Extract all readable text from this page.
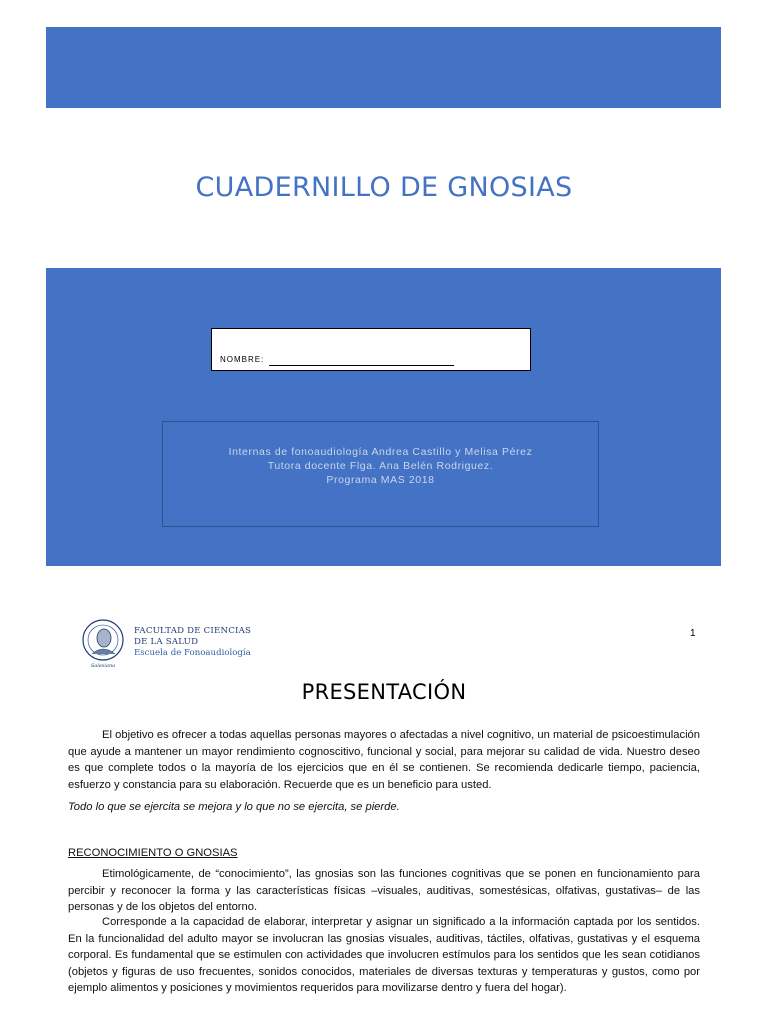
CUADERNILLO DE GNOSIAS
NOMBRE:
Internas de fonoaudiología Andrea Castillo y Melisa Pérez
Tutora docente Flga. Ana Belén Rodriguez.
Programa MAS 2018
Salesiana
FACULTAD DE CIENCIAS
DE LA SALUD
Escuela de Fonoaudiología
1
PRESENTACIÓN

El objetivo es ofrecer a todas aquellas personas mayores o afectadas a nivel cognitivo, un material de psicoestimulación que ayude a mantener un mayor rendimiento cognoscitivo, funcional y social, para mejorar su calidad de vida. Nuestro deseo es que complete todos o la mayoría de los ejercicios que en él se contienen. Se recomienda dedicarle tiempo, paciencia, esfuerzo y constancia para su elaboración. Recuerde que es un beneficio para usted.

Todo lo que se ejercita se mejora y lo que no se ejercita, se pierde.

RECONOCIMIENTO O GNOSIAS

Etimológicamente, de “conocimiento”, las gnosias son las funciones cognitivas que se ponen en funcionamiento para percibir y reconocer la forma y las características físicas –visuales, auditivas, somestésicas, olfativas, gustativas– de las personas y de los objetos del entorno.

Corresponde a la capacidad de elaborar, interpretar y asignar un significado a la información captada por los sentidos. En la funcionalidad del adulto mayor se involucran las gnosias visuales, auditivas, táctiles, olfativas, gustativas y el esquema corporal. Es fundamental que se estimulen con actividades que involucren estímulos para los sentidos que les sean cotidianos (objetos y figuras de uso frecuentes, sonidos conocidos, materiales de diversas texturas y temperaturas y gustos, como por ejemplo alimentos y posiciones y movimientos requeridos para movilizarse dentro y fuera del hogar).
